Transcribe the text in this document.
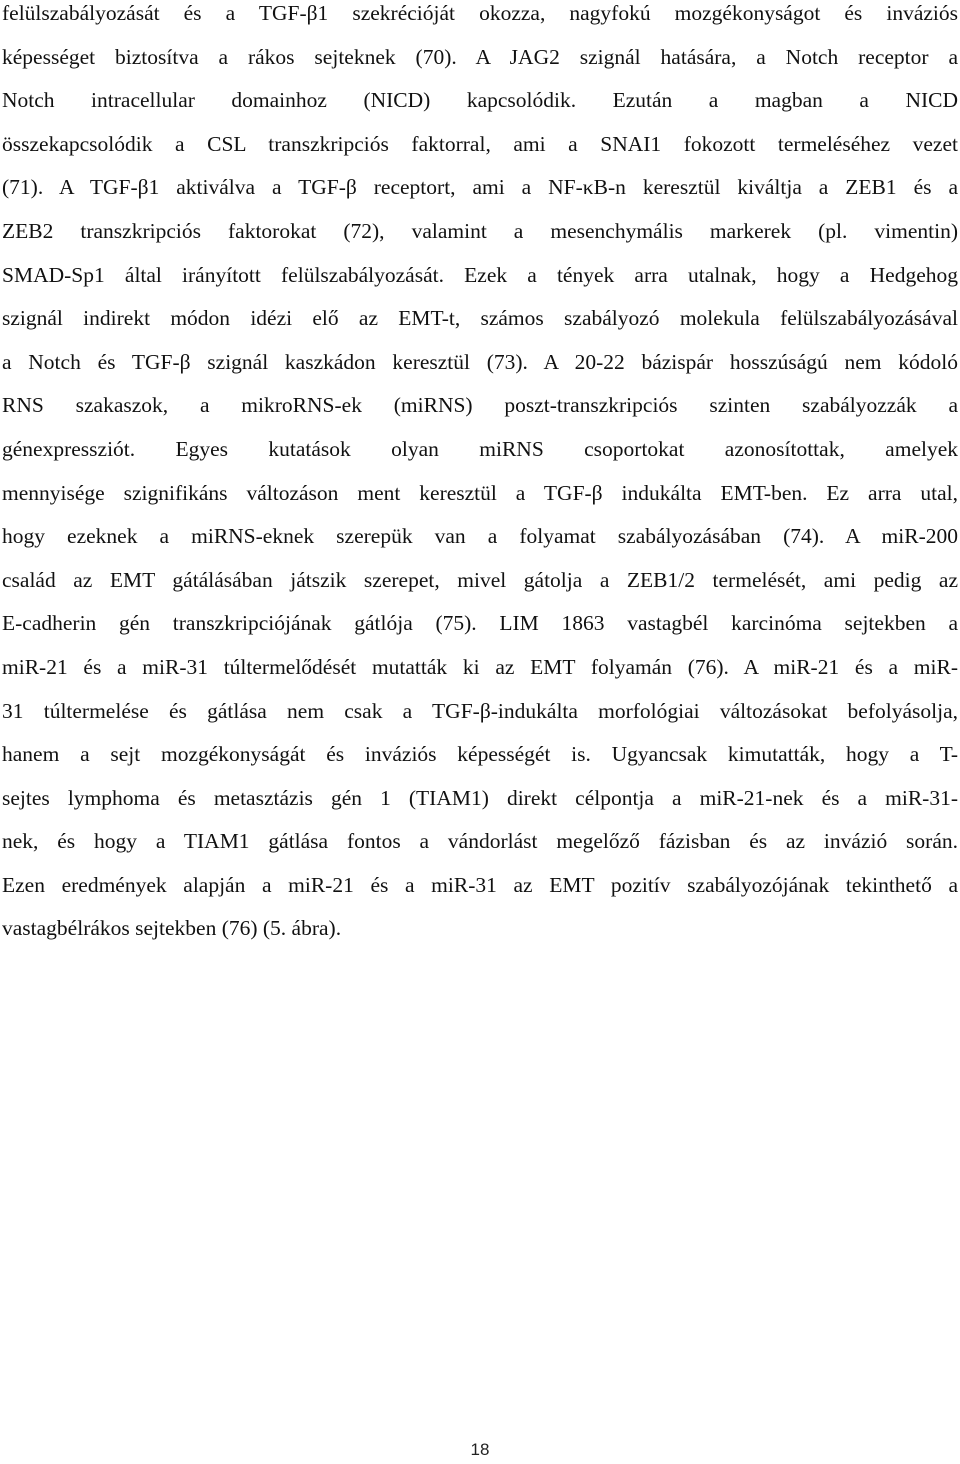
felülszabályozását és a TGF-β1 szekrécióját okozza, nagyfokú mozgékonyságot és inváziós
képességet biztosítva a rákos sejteknek (70). A JAG2 szignál hatására, a Notch receptor a
Notch intracellular domainhoz (NICD) kapcsolódik. Ezután a magban a NICD
összekapcsolódik a CSL transzkripciós faktorral, ami a SNAI1 fokozott termeléséhez vezet
(71). A TGF-β1 aktiválva a TGF-β receptort, ami a NF-κB-n keresztül kiváltja a ZEB1 és a
ZEB2 transzkripciós faktorokat (72), valamint a mesenchymális markerek (pl. vimentin)
SMAD-Sp1 által irányított felülszabályozását. Ezek a tények arra utalnak, hogy a Hedgehog
szignál indirekt módon idézi elő az EMT-t, számos szabályozó molekula felülszabályozásával
a Notch és TGF-β szignál kaszkádon keresztül (73). A 20-22 bázispár hosszúságú nem kódoló
RNS szakaszok, a mikroRNS-ek (miRNS) poszt-transzkripciós szinten szabályozzák a
génexpressziót. Egyes kutatások olyan miRNS csoportokat azonosítottak, amelyek
mennyisége szignifikáns változáson ment keresztül a TGF-β indukálta EMT-ben. Ez arra utal,
hogy ezeknek a miRNS-eknek szerepük van a folyamat szabályozásában (74). A miR-200
család az EMT gátálásában játszik szerepet, mivel gátolja a ZEB1/2 termelését, ami pedig az
E-cadherin gén transzkripciójának gátlója (75). LIM 1863 vastagbél karcinóma sejtekben a
miR-21 és a miR-31 túltermelődését mutatták ki az EMT folyamán (76). A miR-21 és a miR-
31 túltermelése és gátlása nem csak a TGF-β-indukálta morfológiai változásokat befolyásolja,
hanem a sejt mozgékonyságát és inváziós képességét is. Ugyancsak kimutatták, hogy a T-
sejtes lymphoma és metasztázis gén 1 (TIAM1) direkt célpontja a miR-21-nek és a miR-31-
nek, és hogy a TIAM1 gátlása fontos a vándorlást megelőző fázisban és az invázió során.
Ezen eredmények alapján a miR-21 és a miR-31 az EMT pozitív szabályozójának tekinthető a
vastagbélrákos sejtekben (76) (5. ábra).
18
